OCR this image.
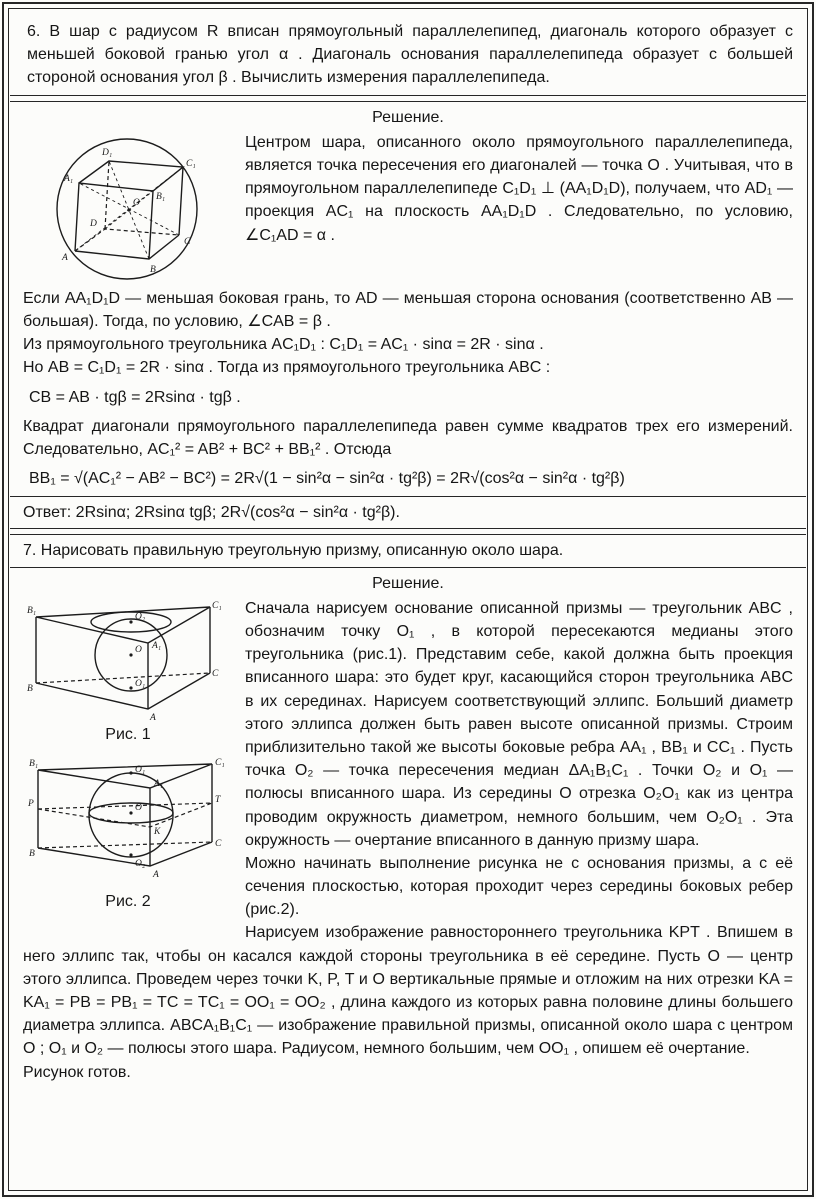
6. В шар с радиусом R вписан прямоугольный параллелепипед, диагональ которого образует с меньшей боковой гранью угол α . Диагональ основания параллелепипеда образует с большей стороной основания угол β . Вычислить измерения параллелепипеда.

Решение.

A₁
B₁
C₁
D₁
A
B
C
D
O

Центром шара, описанного около прямоугольного параллелепипеда, является точка пересечения его диагоналей — точка O . Учитывая, что в прямоугольном параллелепипеде C₁D₁ ⊥ (AA₁D₁D), получаем, что AD₁ — проекция AC₁ на плоскость AA₁D₁D . Следовательно, по условию, ∠C₁AD = α .

Если AA₁D₁D — меньшая боковая грань, то AD — меньшая сторона основания (соответственно AB — большая). Тогда, по условию, ∠CAB = β .

Из прямоугольного треугольника AC₁D₁ : C₁D₁ = AC₁ · sinα = 2R · sinα .

Но AB = C₁D₁ = 2R · sinα . Тогда из прямоугольного треугольника ABC :

CB = AB · tgβ = 2Rsinα · tgβ .

Квадрат диагонали прямоугольного параллелепипеда равен сумме квадратов трех его измерений. Следовательно, AC₁² = AB² + BC² + BB₁² . Отсюда

BB₁ = √(AC₁² − AB² − BC²) = 2R√(1 − sin²α − sin²α · tg²β) = 2R√(cos²α − sin²α · tg²β)

Ответ: 2Rsinα; 2Rsinα tgβ; 2R√(cos²α − sin²α · tg²β).

7. Нарисовать правильную треугольную призму, описанную около шара.

Решение.

B₁	C₁
A₁
O₂
O
O₁
B
C
A
Рис. 1
B₁	C₁
A₁
P	T
K
O
O₁
O₂
B
C
A
Рис. 2

Сначала нарисуем основание описанной призмы — треугольник ABC , обозначим точку O₁ , в которой пересекаются медианы этого треугольника (рис.1). Представим себе, какой должна быть проекция вписанного шара: это будет круг, касающийся сторон треугольника ABC в их серединах. Нарисуем соответствующий эллипс. Больший диаметр этого эллипса должен быть равен высоте описанной призмы. Строим приблизительно такой же высоты боковые ребра AA₁ , BB₁ и CC₁ . Пусть точка O₂ — точка пересечения медиан ΔA₁B₁C₁ . Точки O₂ и O₁ — полюсы вписанного шара. Из середины O отрезка O₂O₁ как из центра проводим окружность диаметром, немного большим, чем O₂O₁ . Эта окружность — очертание вписанного в данную призму шара.

Можно начинать выполнение рисунка не с основания призмы, а с её сечения плоскостью, которая проходит через середины боковых ребер (рис.2).

Нарисуем изображение равностороннего треугольника KPT . Впишем в него эллипс так, чтобы он касался каждой стороны треугольника в её середине. Пусть O — центр этого эллипса. Проведем через точки K, P, T и O вертикальные прямые и отложим на них отрезки KA = KA₁ = PB = PB₁ = TC = TC₁ = OO₁ = OO₂ , длина каждого из которых равна половине длины большего диаметра эллипса. ABCA₁B₁C₁ — изображение правильной призмы, описанной около шара с центром O ; O₁ и O₂ — полюсы этого шара. Радиусом, немного большим, чем OO₁ , опишем её очертание.

Рисунок готов.
